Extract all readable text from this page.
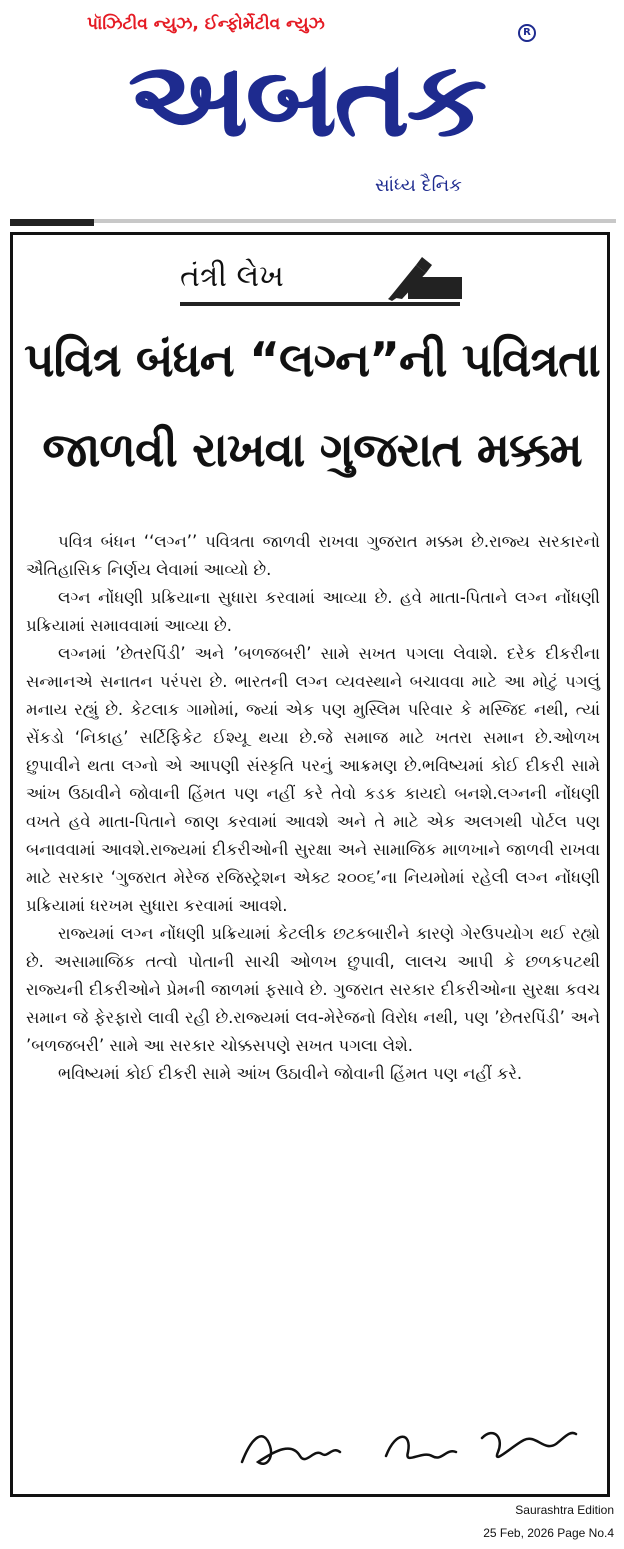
પૉઝિટીવ ન્યુઝ, ઈન્ફોર્મેટીવ ન્યુઝ	R
અબતક
સાંધ્ય દૈનિક
તંત્રી લેખ
પવિત્ર બંધન “લગ્ન”ની પવિત્રતા
જાળવી રાખવા ગુજરાત મક્કમ

પવિત્ર બંધન ‘‘લગ્ન’’ પવિત્રતા જાળવી રાખવા ગુજરાત મક્કમ છે.રાજ્ય સરકારનો ઐતિહાસિક નિર્ણય લેવામાં આવ્યો છે.

લગ્ન નોંધણી પ્રક્રિયાના સુધારા કરવામાં આવ્યા છે. હવે માતા-પિતાને લગ્ન નોંધણી પ્રક્રિયામાં સમાવવામાં આવ્યા છે.

લગ્નમાં ’છેતરપિંડી’ અને ’બળજબરી’ સામે સખત પગલા લેવાશે. દરેક દીકરીના સન્માનએ સનાતન પરંપરા છે. ભારતની લગ્ન વ્યવસ્થાને બચાવવા માટે આ મોટું પગલું મનાય રહ્યું છે. કેટલાક ગામોમાં, જ્યાં એક પણ મુસ્લિમ પરિવાર કે મસ્જિદ નથી, ત્યાં સેંકડો ‘નિકાહ’ સર્ટિફિકેટ ઈશ્યૂ થયા છે.જે સમાજ માટે ખતરા સમાન છે.ઓળખ છુપાવીને થતા લગ્નો એ આપણી સંસ્કૃતિ પરનું આક્રમણ છે.ભવિષ્યમાં કોઈ દીકરી સામે આંખ ઉઠાવીને જોવાની હિંમત પણ નહીં કરે તેવો કડક કાયદો બનશે.લગ્નની નોંધણી વખતે હવે માતા-પિતાને જાણ કરવામાં આવશે અને તે માટે એક અલગથી પોર્ટલ પણ બનાવવામાં આવશે.રાજ્યમાં દીકરીઓની સુરક્ષા અને સામાજિક માળખાને જાળવી રાખવા માટે સરકાર ‘ગુજરાત મેરેજ રજિસ્ટ્રેશન એક્ટ ૨૦૦૬’ના નિયમોમાં રહેલી લગ્ન નોંધણી પ્રક્રિયામાં ધરખમ સુધારા કરવામાં આવશે.

રાજ્યમાં લગ્ન નોંધણી પ્રક્રિયામાં કેટલીક છટકબારીને કારણે ગેરઉપયોગ થઈ રહ્યો છે. અસામાજિક તત્વો પોતાની સાચી ઓળખ છુપાવી, લાલચ આપી કે છળકપટથી રાજ્યની દીકરીઓને પ્રેમની જાળમાં ફસાવે છે. ગુજરાત સરકાર દીકરીઓના સુરક્ષા કવચ સમાન જે ફેરફારો લાવી રહી છે.રાજ્યમાં લવ-મેરેજનો વિરોધ નથી, પણ ’છેતરપિંડી’ અને ’બળજબરી’ સામે આ સરકાર ચોક્કસપણે સખત પગલા લેશે.

ભવિષ્યમાં કોઈ દીકરી સામે આંખ ઉઠાવીને જોવાની હિંમત પણ નહીં કરે.

Saurashtra Edition
25 Feb, 2026 Page No.4
